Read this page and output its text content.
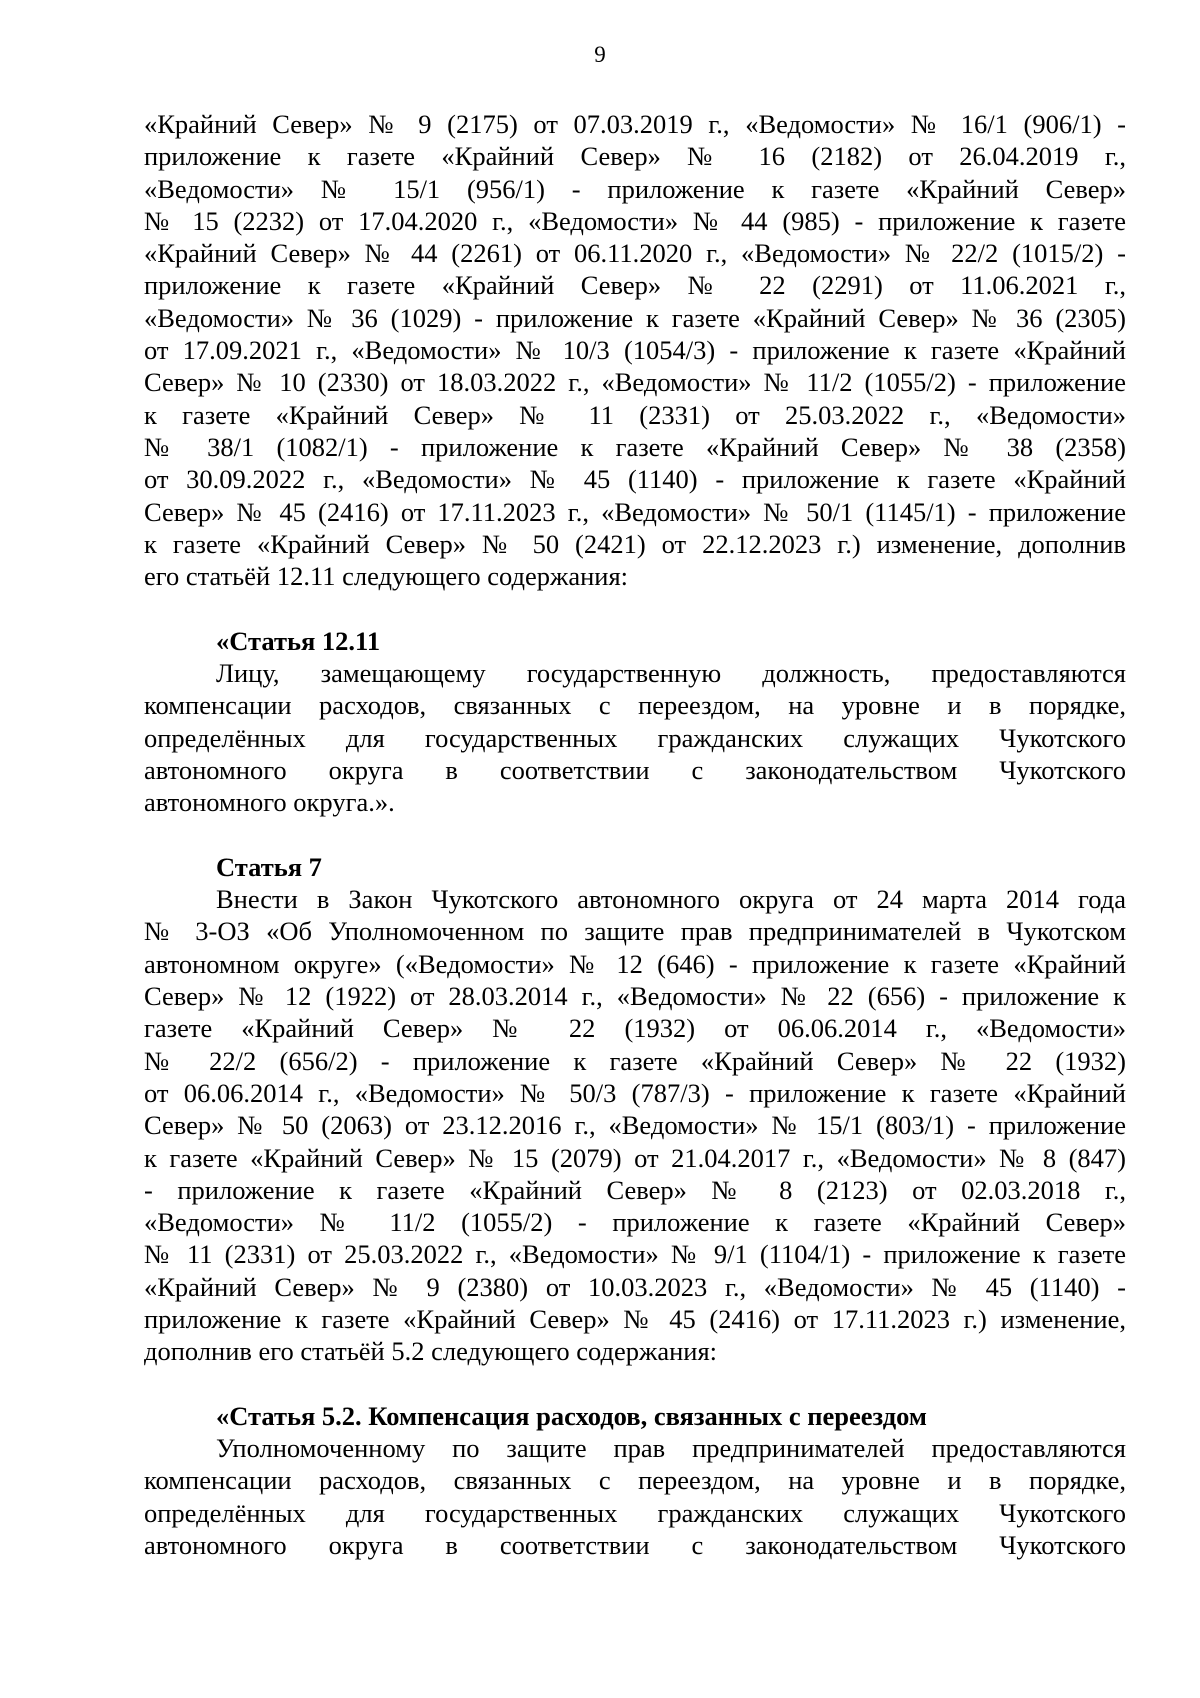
9
«Крайний Север» № 9 (2175) от 07.03.2019 г., «Ведомости» № 16/1 (906/1) -
приложение к газете «Крайний Север» № 16 (2182) от 26.04.2019 г.,
«Ведомости» № 15/1 (956/1) - приложение к газете «Крайний Север»
№ 15 (2232) от 17.04.2020 г., «Ведомости» № 44 (985) - приложение к газете
«Крайний Север» № 44 (2261) от 06.11.2020 г., «Ведомости» № 22/2 (1015/2) -
приложение к газете «Крайний Север» № 22 (2291) от 11.06.2021 г.,
«Ведомости» № 36 (1029) - приложение к газете «Крайний Север» № 36 (2305)
от 17.09.2021 г., «Ведомости» № 10/3 (1054/3) - приложение к газете «Крайний
Север» № 10 (2330) от 18.03.2022 г., «Ведомости» № 11/2 (1055/2) - приложение
к газете «Крайний Север» № 11 (2331) от 25.03.2022 г., «Ведомости»
№ 38/1 (1082/1) - приложение к газете «Крайний Север» № 38 (2358)
от 30.09.2022 г., «Ведомости» № 45 (1140) - приложение к газете «Крайний
Север» № 45 (2416) от 17.11.2023 г., «Ведомости» № 50/1 (1145/1) - приложение
к газете «Крайний Север» № 50 (2421) от 22.12.2023 г.) изменение, дополнив
его статьёй 12.11 следующего содержания:
«Статья 12.11
Лицу, замещающему государственную должность, предоставляются
компенсации расходов, связанных с переездом, на уровне и в порядке,
определённых для государственных гражданских служащих Чукотского
автономного округа в соответствии с законодательством Чукотского
автономного округа.».
Статья 7
Внести в Закон Чукотского автономного округа от 24 марта 2014 года
№ 3-ОЗ «Об Уполномоченном по защите прав предпринимателей в Чукотском
автономном округе» («Ведомости» № 12 (646) - приложение к газете «Крайний
Север» № 12 (1922) от 28.03.2014 г., «Ведомости» № 22 (656) - приложение к
газете «Крайний Север» № 22 (1932) от 06.06.2014 г., «Ведомости»
№ 22/2 (656/2) - приложение к газете «Крайний Север» № 22 (1932)
от 06.06.2014 г., «Ведомости» № 50/3 (787/3) - приложение к газете «Крайний
Север» № 50 (2063) от 23.12.2016 г., «Ведомости» № 15/1 (803/1) - приложение
к газете «Крайний Север» № 15 (2079) от 21.04.2017 г., «Ведомости» № 8 (847)
- приложение к газете «Крайний Север» № 8 (2123) от 02.03.2018 г.,
«Ведомости» № 11/2 (1055/2) - приложение к газете «Крайний Север»
№ 11 (2331) от 25.03.2022 г., «Ведомости» № 9/1 (1104/1) - приложение к газете
«Крайний Север» № 9 (2380) от 10.03.2023 г., «Ведомости» № 45 (1140) -
приложение к газете «Крайний Север» № 45 (2416) от 17.11.2023 г.) изменение,
дополнив его статьёй 5.2 следующего содержания:
«Статья 5.2. Компенсация расходов, связанных с переездом
Уполномоченному по защите прав предпринимателей предоставляются
компенсации расходов, связанных с переездом, на уровне и в порядке,
определённых для государственных гражданских служащих Чукотского
автономного округа в соответствии с законодательством Чукотского
